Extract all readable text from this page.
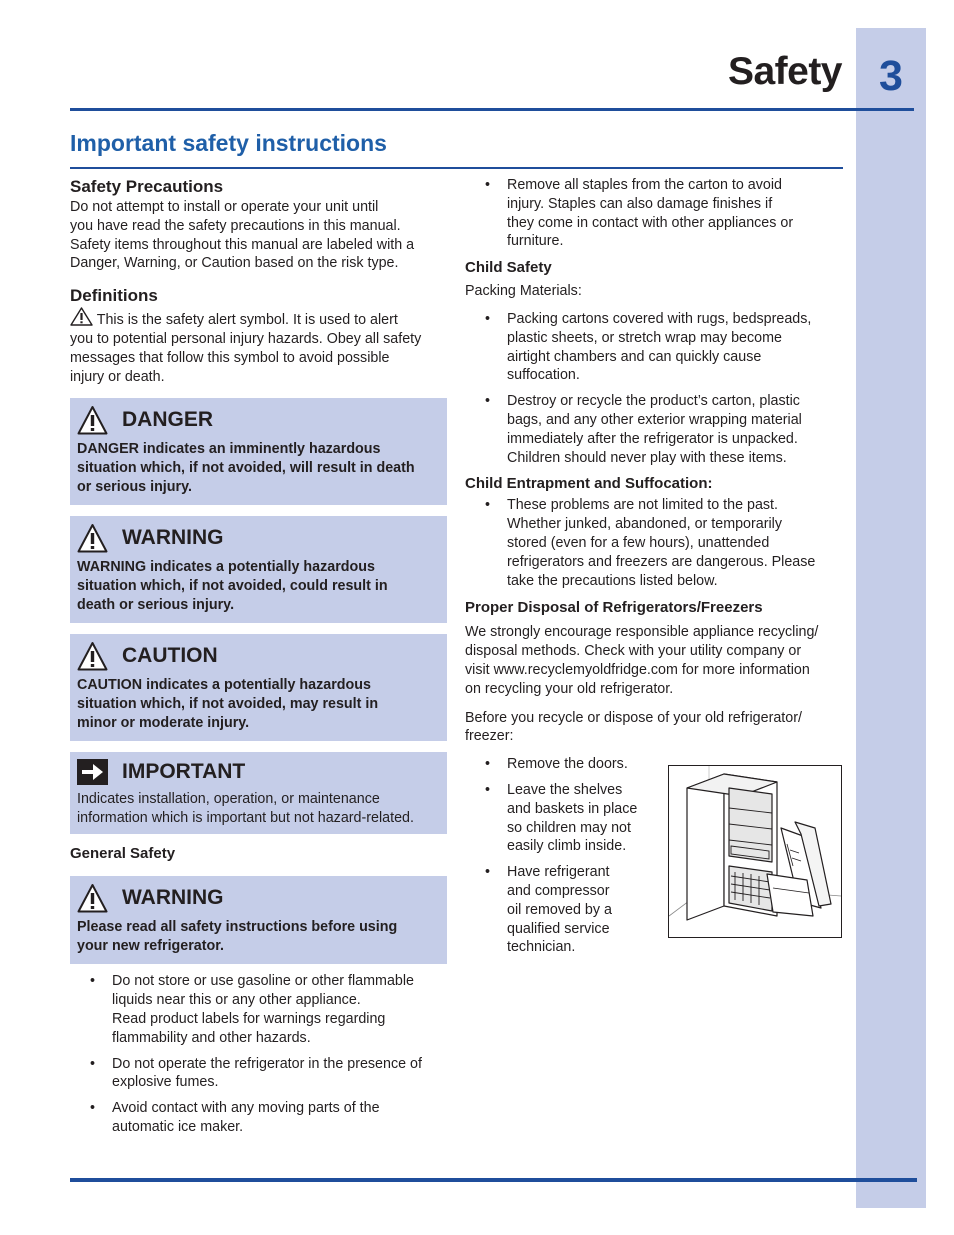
3
Safety
Important safety instructions
Safety Precautions

Do not attempt to install or operate your unit until
you have read the safety precautions in this manual.
Safety items throughout this manual are labeled with a
Danger, Warning, or Caution based on the risk type.

Definitions

This is the safety alert symbol. It is used to alert
you to potential personal injury hazards. Obey all safety
messages that follow this symbol to avoid possible
injury or death.

DANGER
DANGER indicates an imminently hazardous
situation which, if not avoided, will result in death
or serious injury.
WARNING
WARNING indicates a potentially hazardous
situation which, if not avoided, could result in
death or serious injury.
CAUTION
CAUTION indicates a potentially hazardous
situation which, if not avoided, may result in
minor or moderate injury.
IMPORTANT
Indicates installation, operation, or maintenance
information which is important but not hazard-related.
General Safety
WARNING
Please read all safety instructions before using
your new refrigerator.
• Do not store or use gasoline or other flammable
liquids near this or any other appliance.
Read product labels for warnings regarding
flammability and other hazards.
• Do not operate the refrigerator in the presence of
explosive fumes.
• Avoid contact with any moving parts of the
automatic ice maker.
• Remove all staples from the carton to avoid
injury. Staples can also damage finishes if
they come in contact with other appliances or
furniture.
Child Safety

Packing Materials:

• Packing cartons covered with rugs, bedspreads,
plastic sheets, or stretch wrap may become
airtight chambers and can quickly cause
suffocation.
• Destroy or recycle the product’s carton, plastic
bags, and any other exterior wrapping material
immediately after the refrigerator is unpacked.
Children should never play with these items.
Child Entrapment and Suffocation:
• These problems are not limited to the past.
Whether junked, abandoned, or temporarily
stored (even for a few hours), unattended
refrigerators and freezers are dangerous. Please
take the precautions listed below.
Proper Disposal of Refrigerators/Freezers

We strongly encourage responsible appliance recycling/
disposal methods. Check with your utility company or
visit www.recyclemyoldfridge.com for more information
on recycling your old refrigerator.

Before you recycle or dispose of your old refrigerator/
freezer:

• Remove the doors.
• Leave the shelves
and baskets in place
so children may not
easily climb inside.
• Have refrigerant
and compressor
oil removed by a
qualified service
technician.
